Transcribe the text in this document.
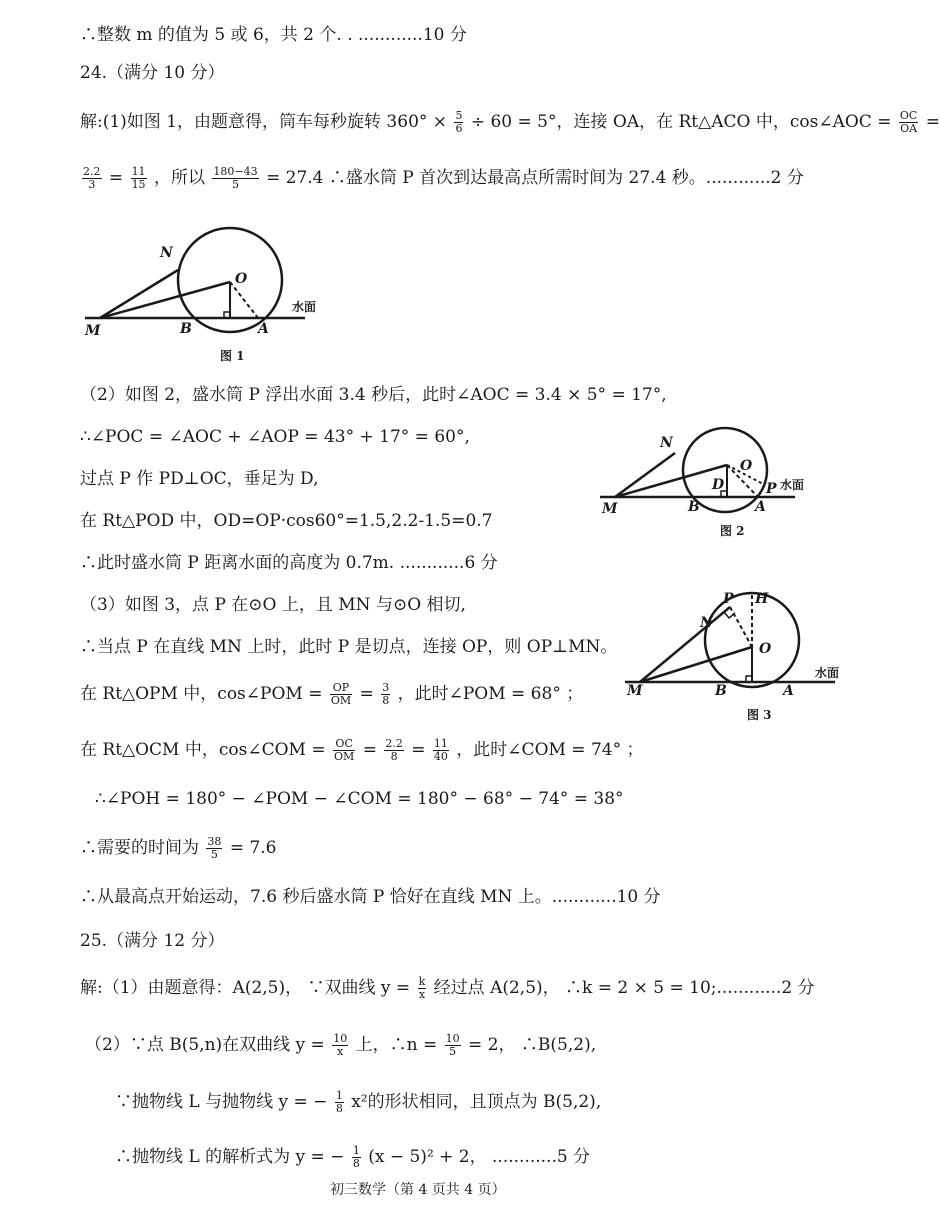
∴整数 m 的值为 5 或 6，共 2 个. . ............10 分
24.（满分 10 分）
解:(1)如图 1，由题意得，筒车每秒旋转 $360^\circ \times \frac{5}{6} \div 60 = 5^\circ$，连接 OA，在 Rt△ACO 中，cos∠AOC = $\frac{OC}{OA}$ =
$\frac{2.2}{3} = \frac{11}{15}$ ，所以 $\frac{180-43}{5} = 27.4$ ∴盛水筒 P 首次到达最高点所需时间为 27.4 秒。............2 分
N
O
M	B	A
水面
图 1
（2）如图 2，盛水筒 P 浮出水面 3.4 秒后，此时∠AOC = 3.4 × 5° = 17°,
∴∠POC = ∠AOC + ∠AOP = 43° + 17° = 60°,
过点 P 作 PD⊥OC，垂足为 D,
在 Rt△POD 中，OD=OP·cos60°=1.5,2.2-1.5=0.7
∴此时盛水筒 P 距离水面的高度为 0.7m. ............6 分
N
O
D	P
M	B	A
水面
图 2
（3）如图 3，点 P 在⊙O 上，且 MN 与⊙O 相切,
∴当点 P 在直线 MN 上时，此时 P 是切点，连接 OP，则 OP⊥MN。
P H
N
O
M	B	A
水面
图 3
在 Rt△OPM 中，cos∠POM = $\frac{OP}{OM} = \frac{3}{8}$ ，此时∠POM = 68° ；
在 Rt△OCM 中，cos∠COM = $\frac{OC}{OM} = \frac{2.2}{8} = \frac{11}{40}$ ，此时∠COM = 74° ；
∴∠POH = 180° − ∠POM − ∠COM = 180° − 68° − 74° = 38°
∴需要的时间为 $\frac{38}{5} = 7.6$
∴从最高点开始运动，7.6 秒后盛水筒 P 恰好在直线 MN 上。............10 分
25.（满分 12 分）
解:（1）由题意得：A(2,5)， ∵双曲线 $y = \frac{k}{x}$ 经过点 A(2,5)， ∴k = 2 × 5 = 10;............2 分
（2）∵点 B(5,n)在双曲线 $y = \frac{10}{x}$ 上，∴n = $\frac{10}{5} = 2$， ∴B(5,2),
∵抛物线 L 与抛物线 y = − $\frac{1}{8} x^2$的形状相同，且顶点为 B(5,2),
∴抛物线 L 的解析式为 y = − $\frac{1}{8} (x - 5)^2 + 2$， ............5 分
初三数学（第 4 页共 4 页）
